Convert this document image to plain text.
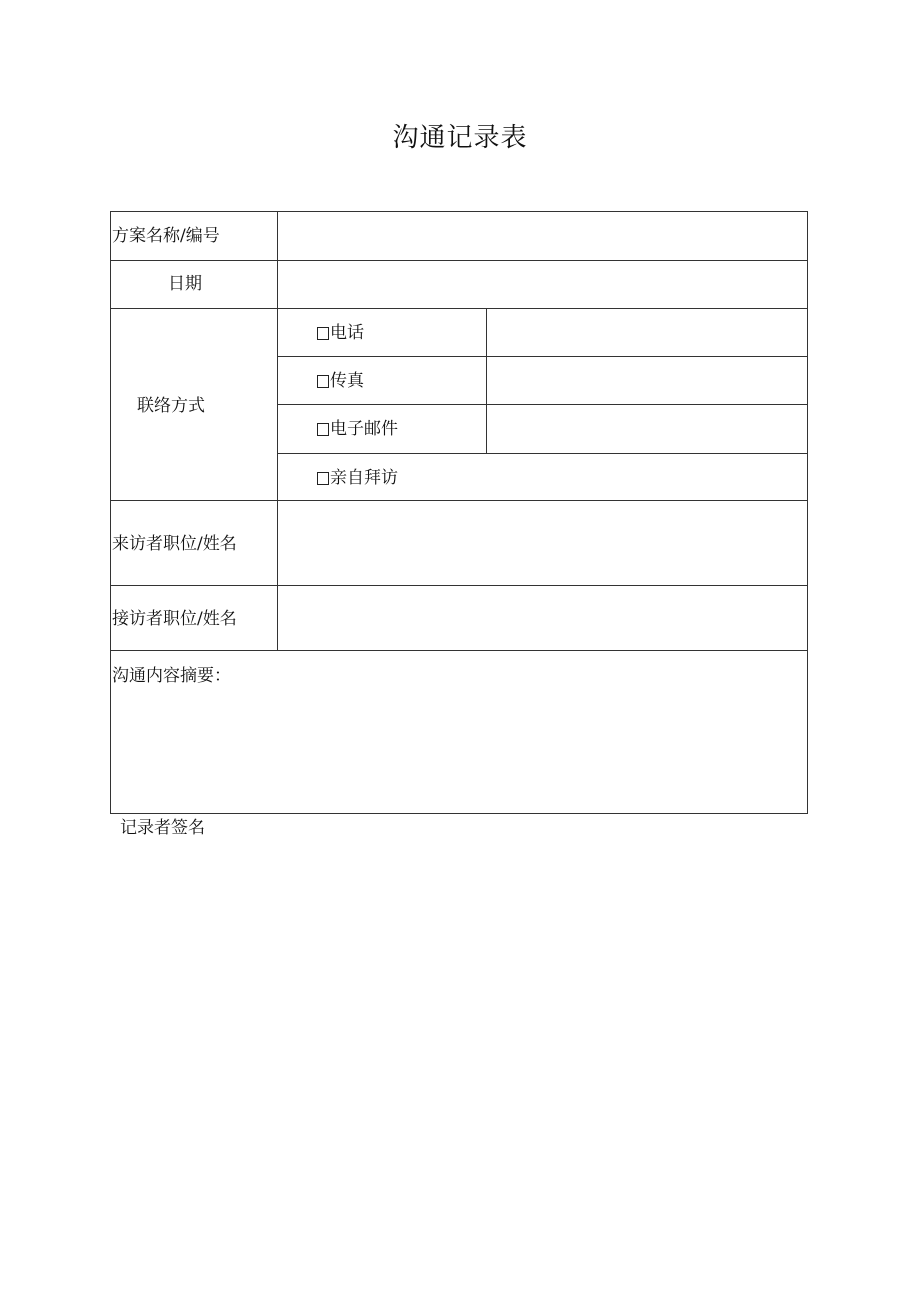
沟通记录表
方案名称/编号
日期
联络方式
来访者职位/姓名
接访者职位/姓名
沟通内容摘要：
电话
传真
电子邮件
亲自拜访
记录者签名
